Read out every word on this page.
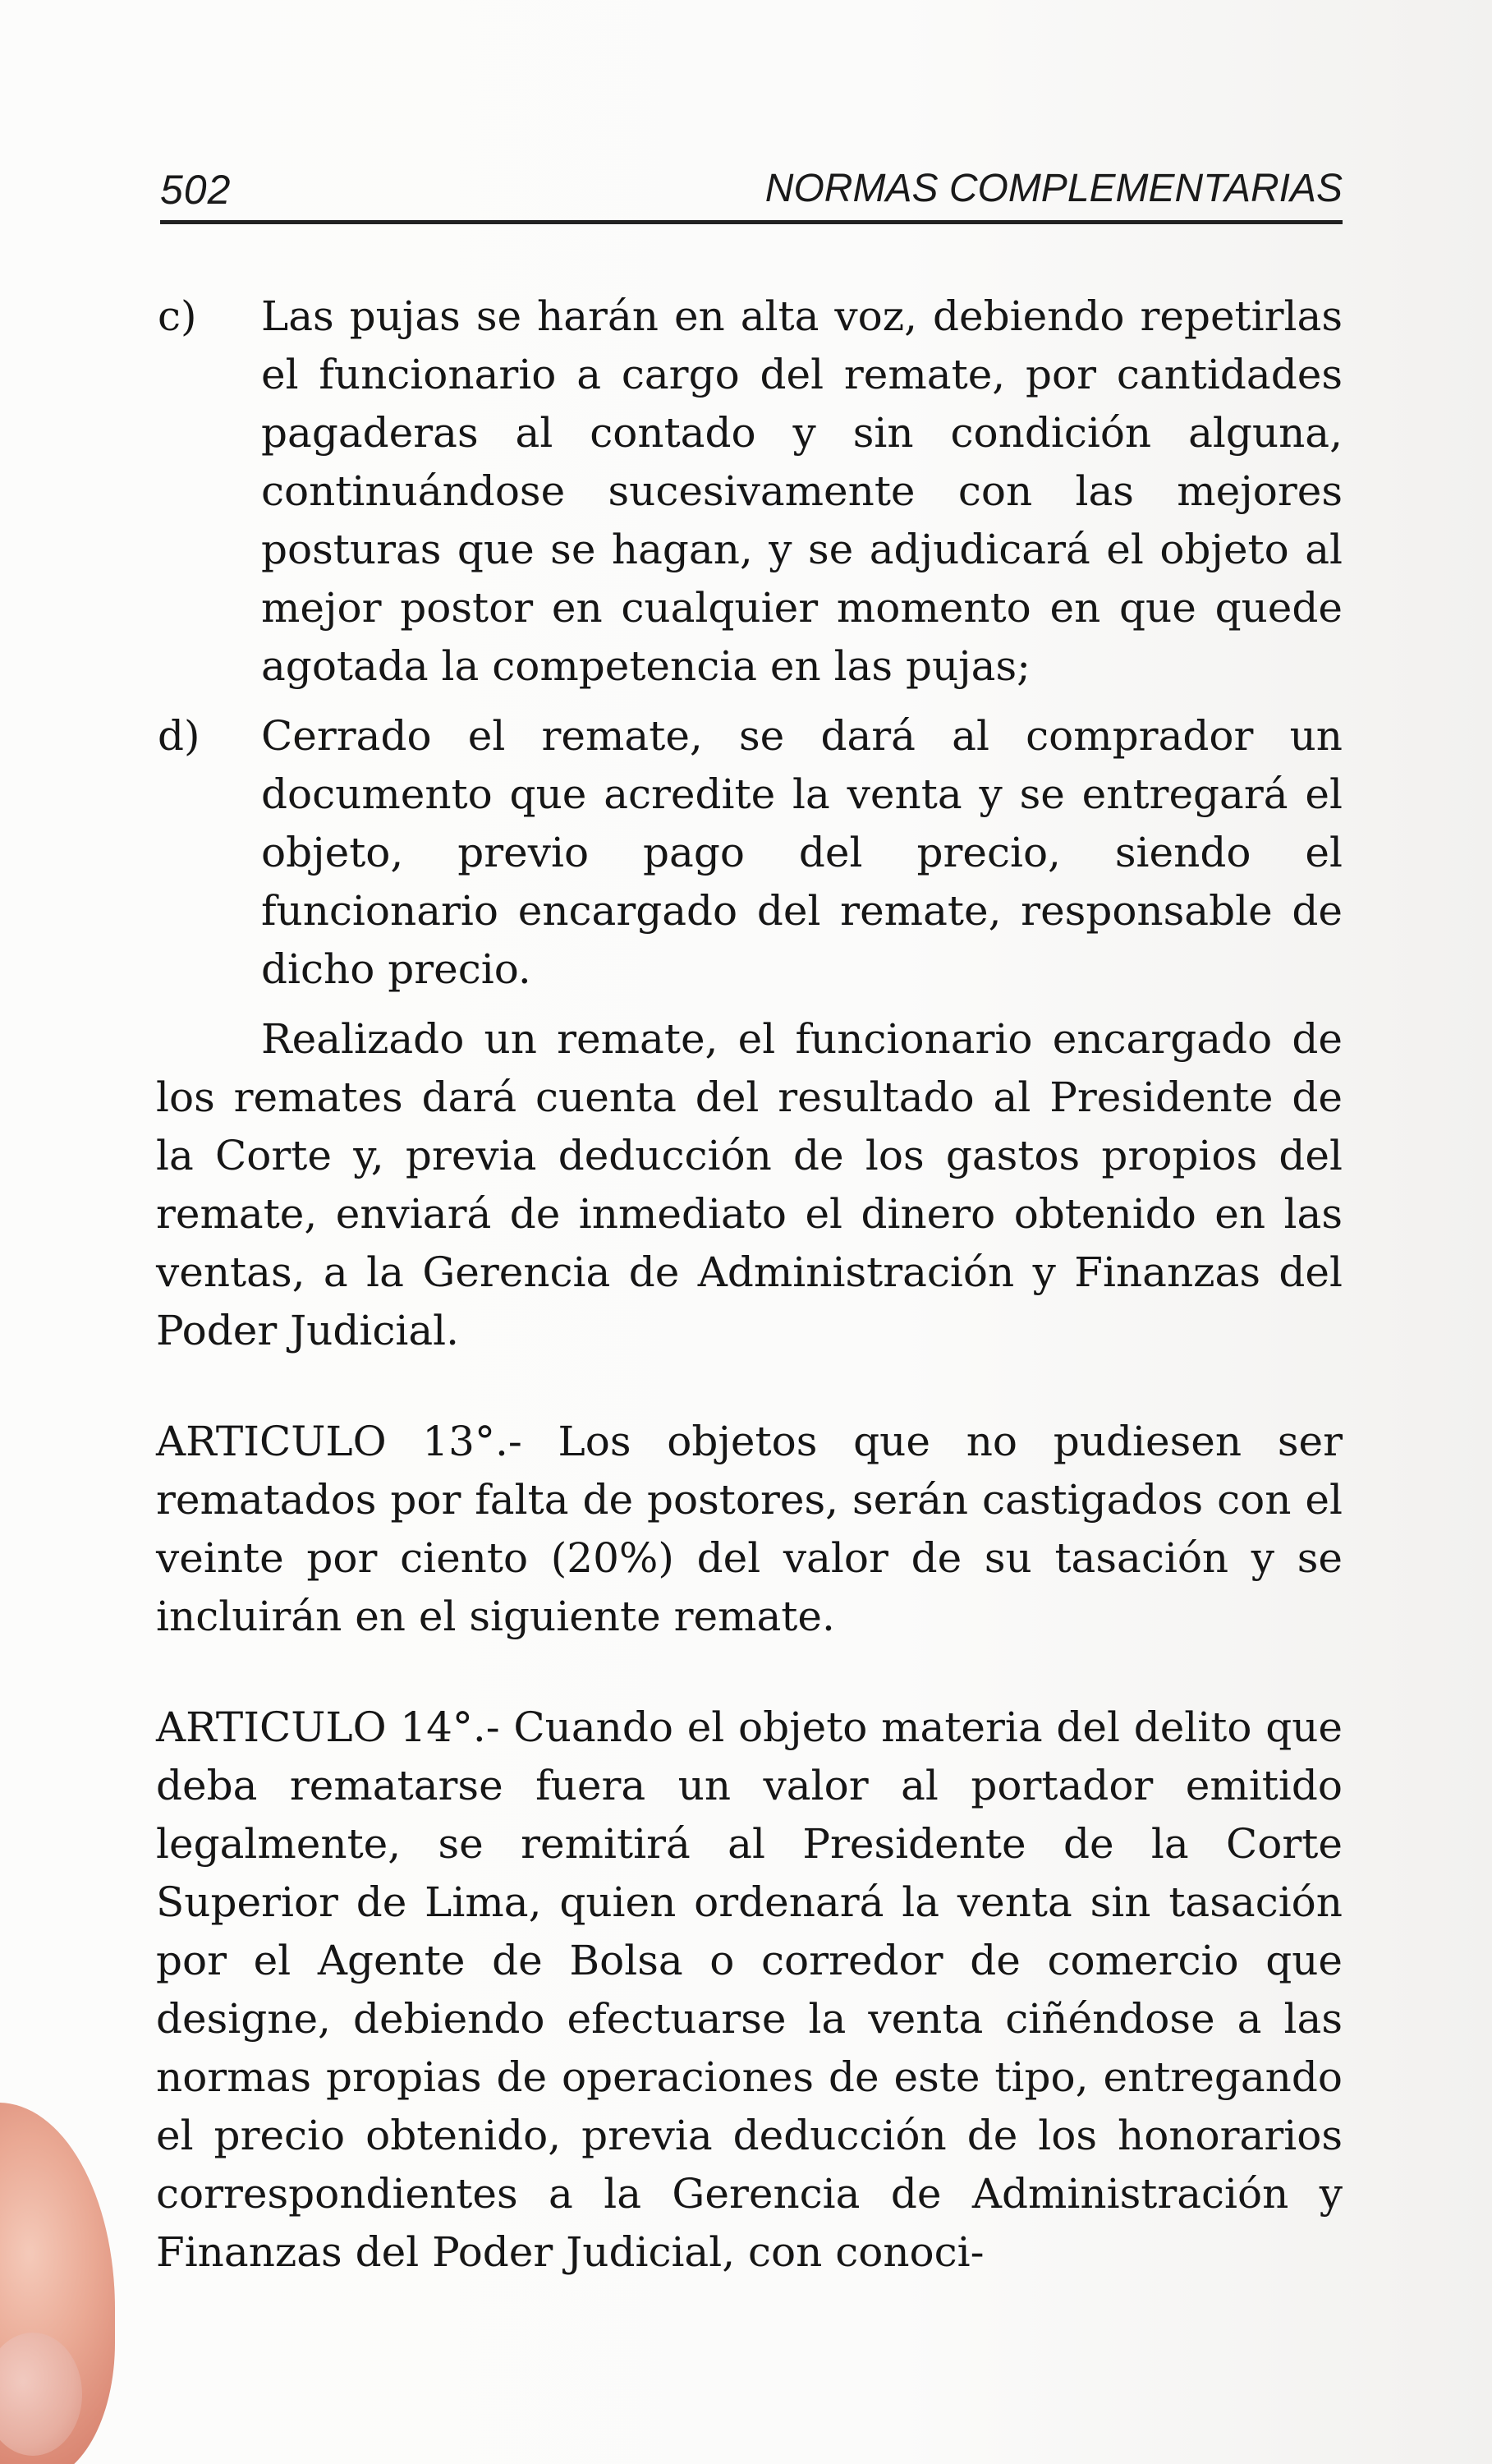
502	NORMAS COMPLEMENTARIAS
c) Las pujas se harán en alta voz, debiendo repetirlas el funcionario a cargo del remate, por cantidades pagaderas al contado y sin condición alguna, continuándose sucesivamente con las mejores posturas que se hagan, y se adjudicará el objeto al mejor postor en cualquier momento en que quede agotada la competencia en las pujas;
d) Cerrado el remate, se dará al comprador un documento que acredite la venta y se entregará el objeto, previo pago del precio, siendo el funcionario encargado del remate, responsable de dicho precio.

Realizado un remate, el funcionario encargado de los remates dará cuenta del resultado al Presidente de la Corte y, previa deducción de los gastos propios del remate, enviará de inmediato el dinero obtenido en las ventas, a la Gerencia de Administración y Finanzas del Poder Judicial.

ARTICULO 13°.- Los objetos que no pudiesen ser rematados por falta de postores, serán castigados con el veinte por ciento (20%) del valor de su tasación y se incluirán en el siguiente remate.

ARTICULO 14°.- Cuando el objeto materia del delito que deba rematarse fuera un valor al portador emitido legalmente, se remitirá al Presidente de la Corte Superior de Lima, quien ordenará la venta sin tasación por el Agente de Bolsa o corredor de comercio que designe, debiendo efectuarse la venta ciñéndose a las normas propias de operaciones de este tipo, entregando el precio obtenido, previa deducción de los honorarios correspondientes a la Gerencia de Administración y Finanzas del Poder Judicial, con conoci-
